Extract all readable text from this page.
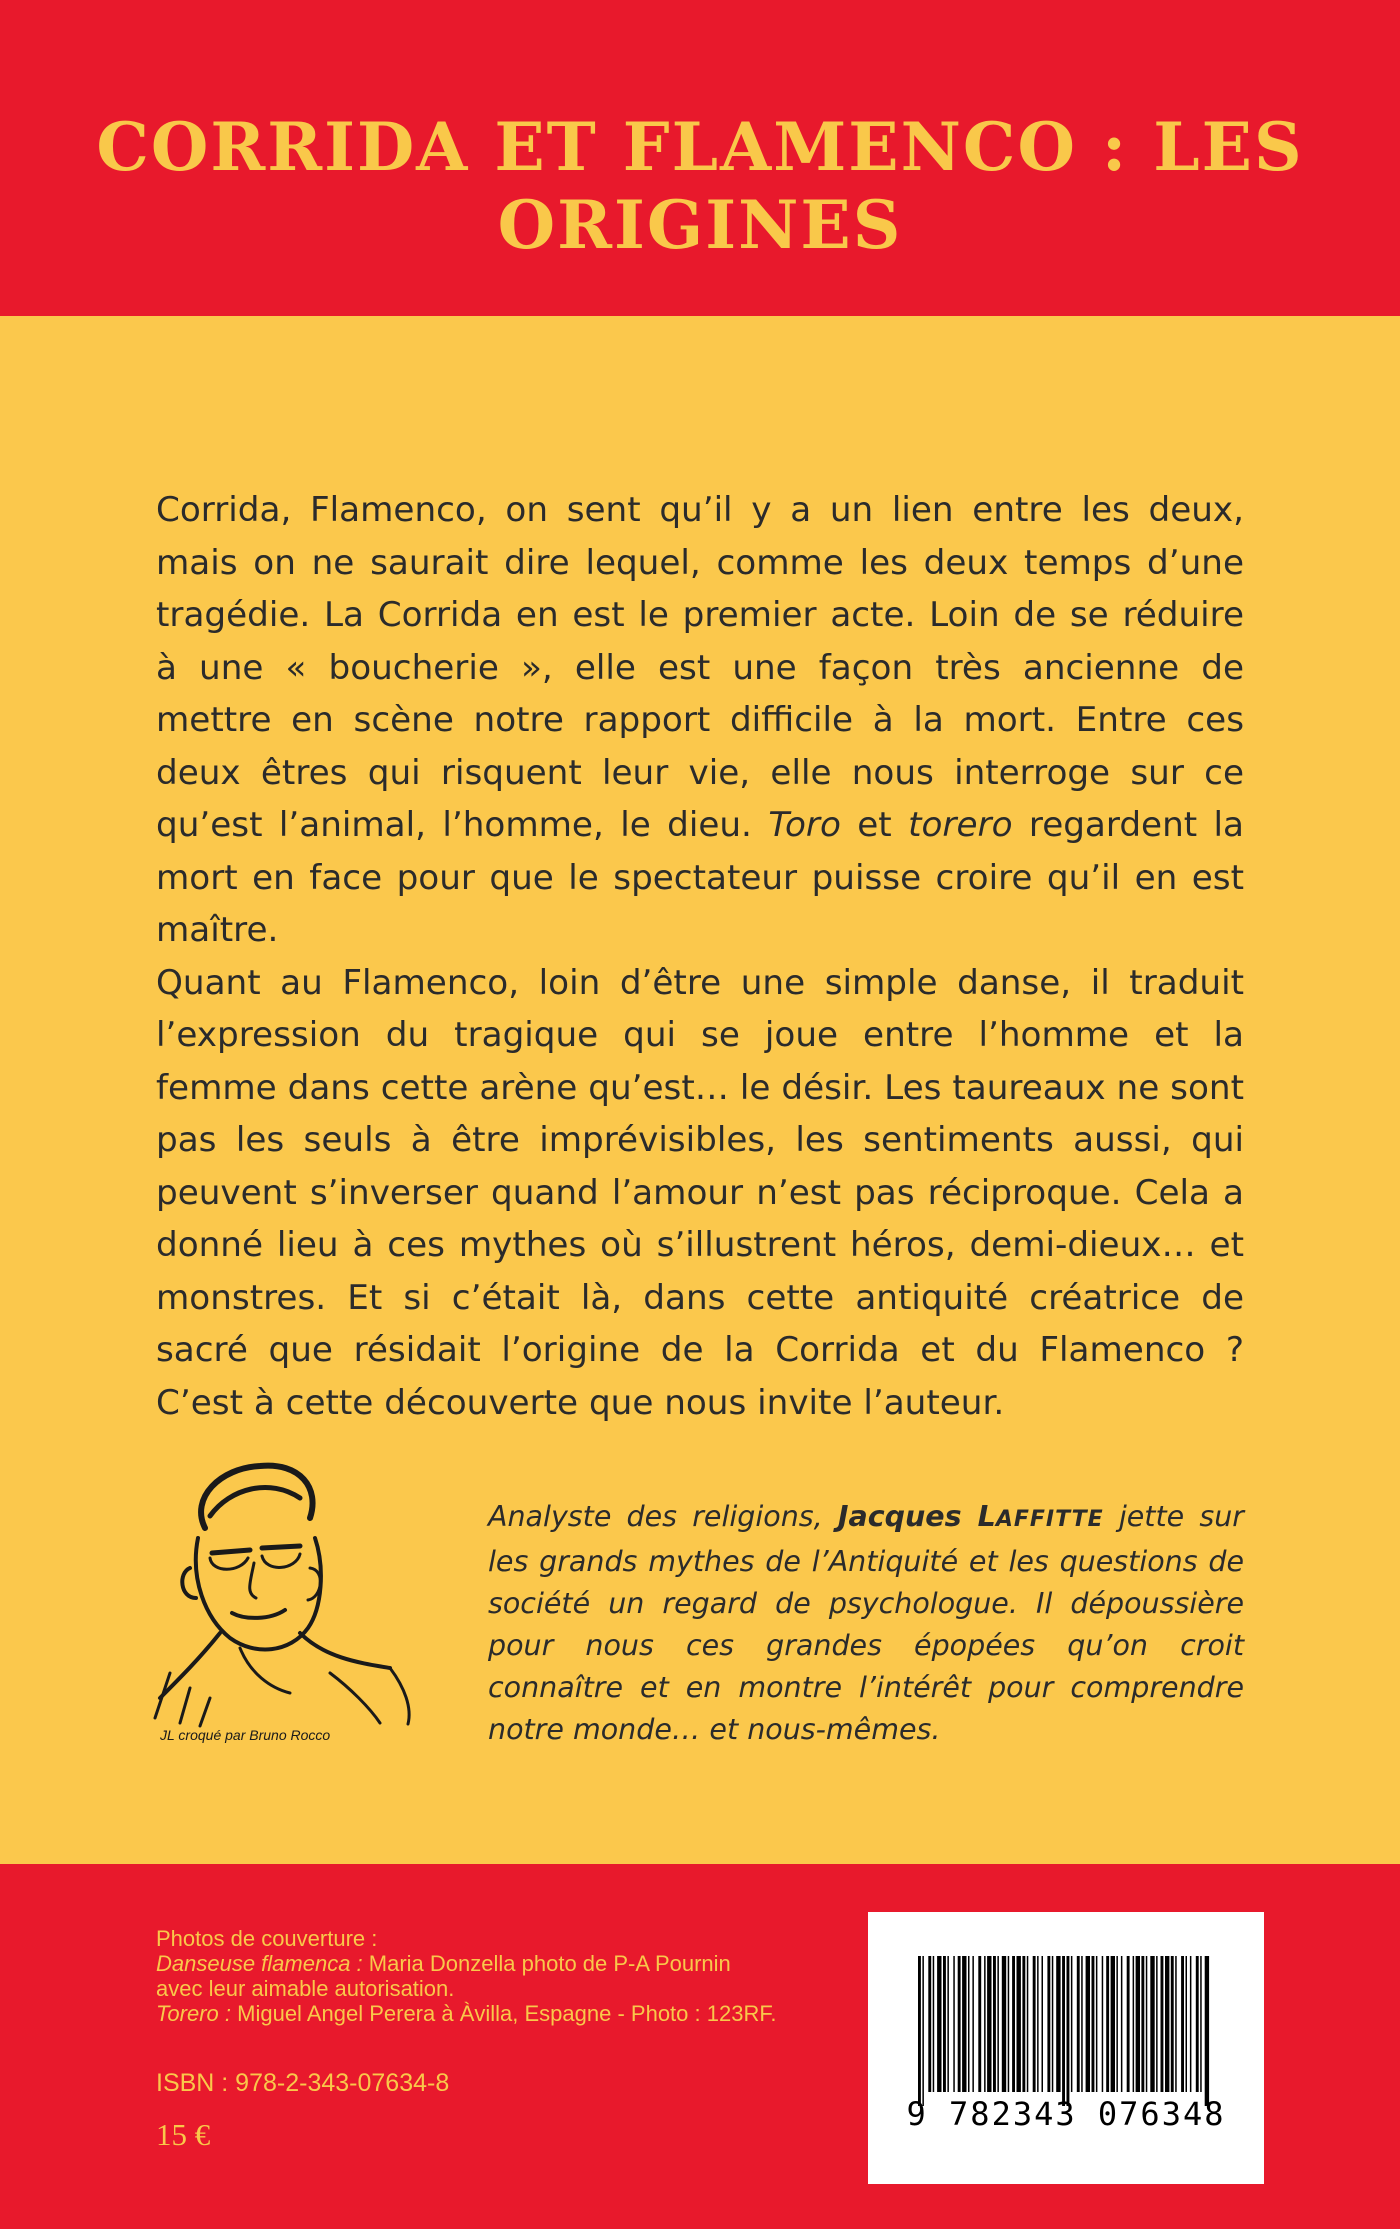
CORRIDA ET FLAMENCO : LES ORIGINES

Corrida, Flamenco, on sent qu’il y a un lien entre les deux, mais on ne saurait dire lequel, comme les deux temps d’une tragédie. La Corrida en est le premier acte. Loin de se réduire à une « boucherie », elle est une façon très ancienne de mettre en scène notre rapport difficile à la mort. Entre ces deux êtres qui risquent leur vie, elle nous interroge sur ce qu’est l’animal, l’homme, le dieu. Toro et torero regardent la mort en face pour que le spectateur puisse croire qu’il en est maître.

Quant au Flamenco, loin d’être une simple danse, il traduit l’expression du tragique qui se joue entre l’homme et la femme dans cette arène qu’est… le désir. Les taureaux ne sont pas les seuls à être imprévisibles, les sentiments aussi, qui peuvent s’inverser quand l’amour n’est pas réciproque. Cela a donné lieu à ces mythes où s’illustrent héros, demi-dieux… et monstres. Et si c’était là, dans cette antiquité créatrice de sacré que résidait l’origine de la Corrida et du Flamenco ? C’est à cette découverte que nous invite l’auteur.

JL croqué par Bruno Rocco
Analyste des religions, Jacques LAFFITTE jette sur les grands mythes de l’Antiquité et les questions de société un regard de psychologue. Il dépoussière pour nous ces grandes épopées qu’on croit connaître et en montre l’intérêt pour comprendre notre monde… et nous-mêmes.
Photos de couverture :
Danseuse flamenca : Maria Donzella photo de P-A Pournin
avec leur aimable autorisation.
Torero : Miguel Angel Perera à Àvilla, Espagne - Photo : 123RF.
ISBN : 978-2-343-07634-8
15 €
9 782343 076348
